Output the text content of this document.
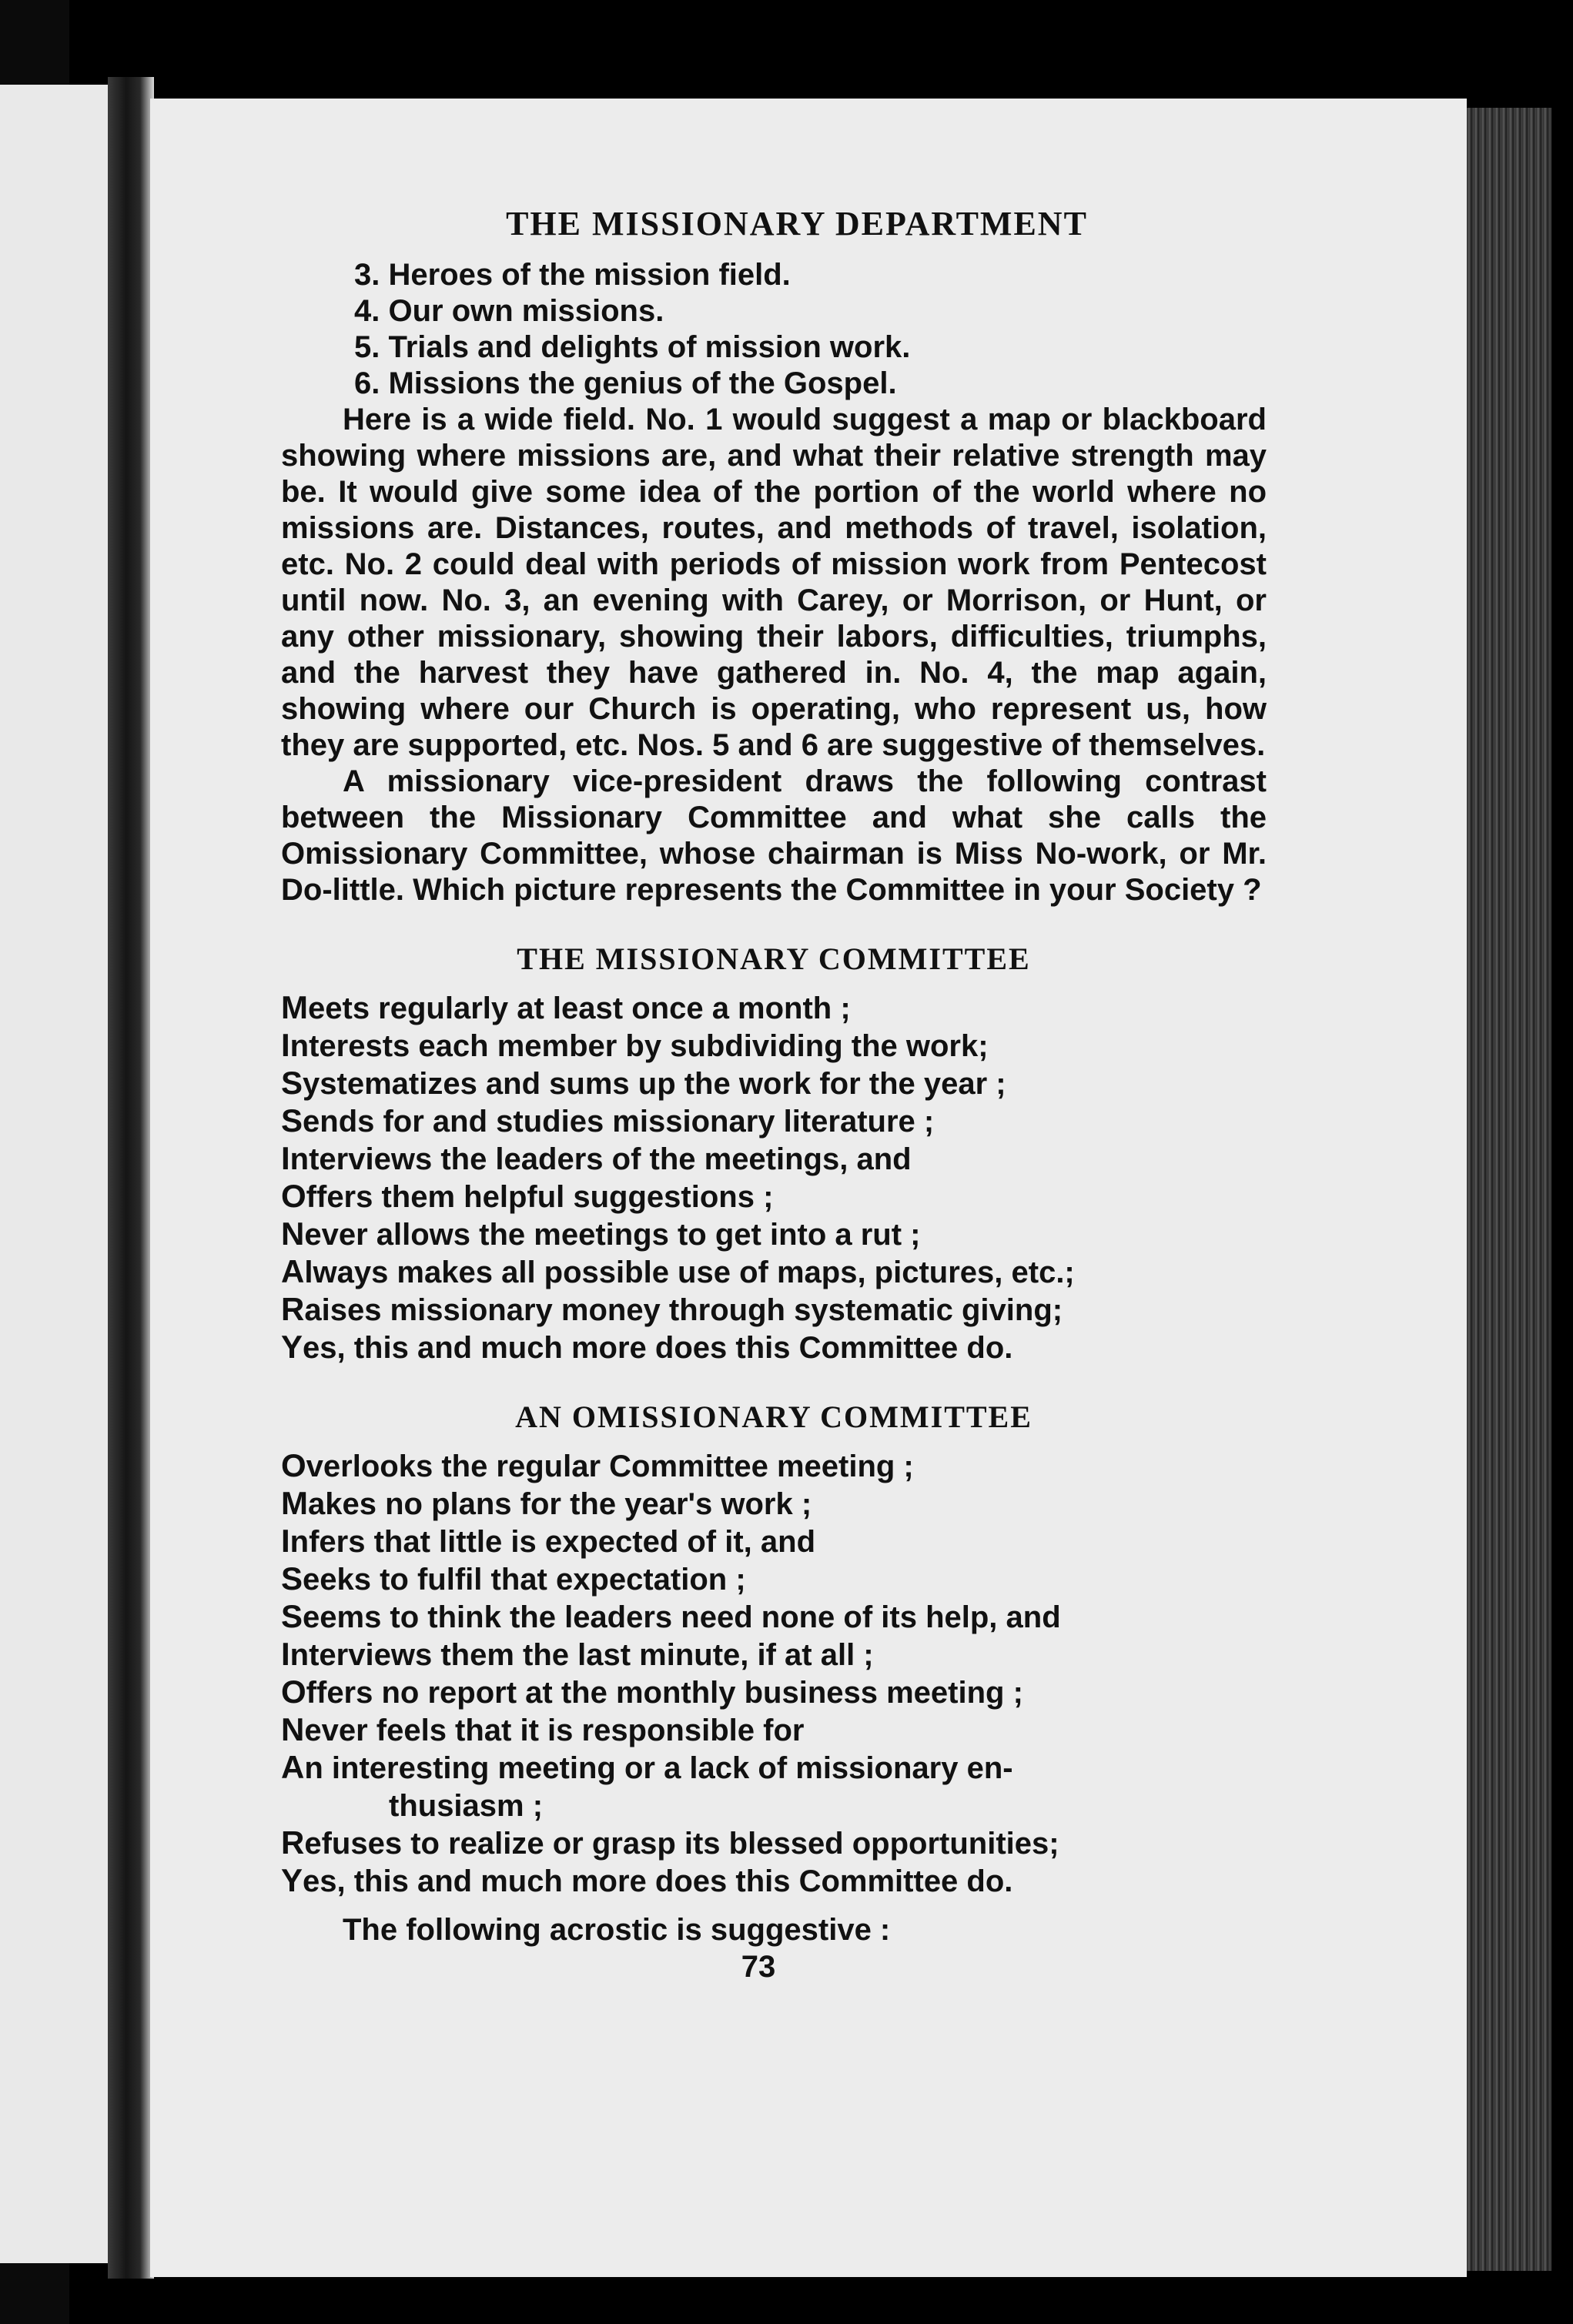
THE MISSIONARY DEPARTMENT
3. Heroes of the mission field.
4. Our own missions.
5. Trials and delights of mission work.
6. Missions the genius of the Gospel.

Here is a wide field. No. 1 would suggest a map or blackboard showing where missions are, and what their relative strength may be. It would give some idea of the portion of the world where no missions are. Distances, routes, and methods of travel, isolation, etc. No. 2 could deal with periods of mission work from Pentecost until now. No. 3, an evening with Carey, or Morrison, or Hunt, or any other missionary, showing their labors, difficulties, triumphs, and the harvest they have gathered in. No. 4, the map again, showing where our Church is operating, who represent us, how they are supported, etc. Nos. 5 and 6 are suggestive of themselves.

A missionary vice-president draws the following contrast between the Missionary Committee and what she calls the Omissionary Committee, whose chairman is Miss No-work, or Mr. Do-little. Which picture represents the Committee in your Society ?

THE MISSIONARY COMMITTEE
Meets regularly at least once a month ;
Interests each member by subdividing the work;
Systematizes and sums up the work for the year ;
Sends for and studies missionary literature ;
Interviews the leaders of the meetings, and
Offers them helpful suggestions ;
Never allows the meetings to get into a rut ;
Always makes all possible use of maps, pictures, etc.;
Raises missionary money through systematic giving;
Yes, this and much more does this Committee do.
AN OMISSIONARY COMMITTEE
Overlooks the regular Committee meeting ;
Makes no plans for the year's work ;
Infers that little is expected of it, and
Seeks to fulfil that expectation ;
Seems to think the leaders need none of its help, and
Interviews them the last minute, if at all ;
Offers no report at the monthly business meeting ;
Never feels that it is responsible for
An interesting meeting or a lack of missionary en-
thusiasm ;
Refuses to realize or grasp its blessed opportunities;
Yes, this and much more does this Committee do.
The following acrostic is suggestive :
73
